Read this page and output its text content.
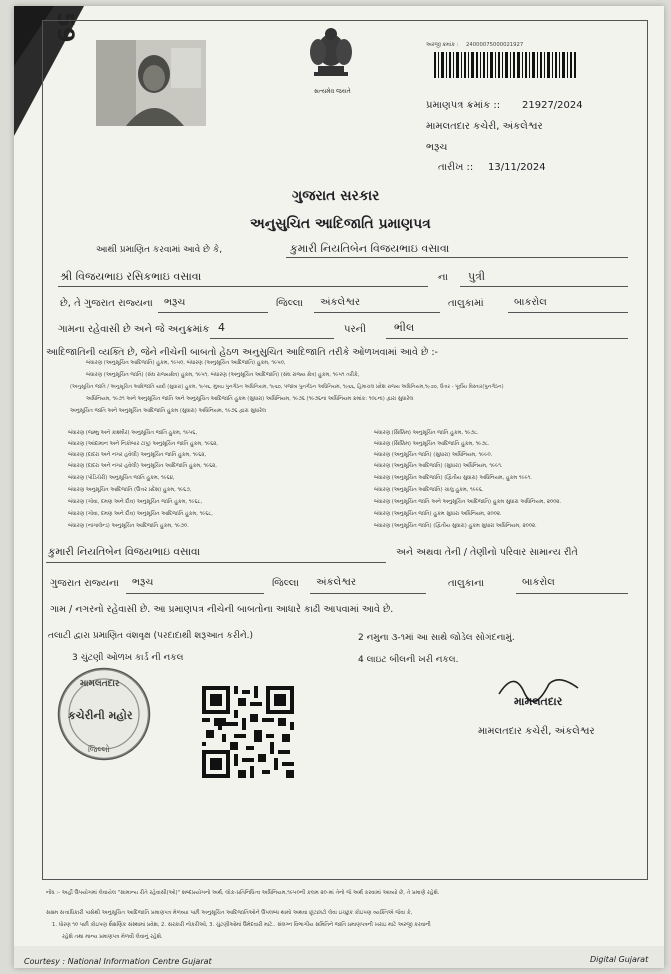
59
સત્યમેવ જયતે
અરજી ક્રમાંક : 24000075000021927
પ્રમાણપત્ર ક્રમાંક :: 21927/2024
મામલતદાર કચેરી, અંકલેશ્વર
ભરૂચ
તારીખ :: 13/11/2024
ગુજરાત સરકાર
અનુસુચિત આદિજાતિ પ્રમાણપત્ર
આથી પ્રમાણિત કરવામાં આવે છે કે,	કુમારી નિયતિબેન વિજયભાઇ વસાવા
શ્રી વિજયભાઇ રસિકભાઇ વસાવા	ના પુત્રી
છે, તે ગુજરાત રાજ્યના ભરૂચ	જિલ્લા અંકલેશ્વર	તાલુકામાં	બાકરોલ
ગામના રહેવાસી છે અને જે અનુક્રમાંક 4	પરની	ભીલ
આદિજાતિની વ્યક્તિ છે, જેને નીચેની બાબતો હેઠળ અનુસુચિત આદિજાતિ તરીકે ઓળખવામાં આવે છે :-
બંધારણ (અનુસૂચિત આદિજાતિ) હુકમ, ૧૯૫૦, બંધારણ (અનુસૂચિત આદિજાતિ) હુકમ, ૧૯૫૦,
બંધારણ (અનુસૂચિત જાતિ) (સંઘ રાજ્યક્ષેત્ર) હુકમ, ૧૯૫૧, બંધારણ (અનુસૂચિત આદિજાતિ) (સંઘ રાજ્ય ક્ષેત્ર) હુકમ, ૧૯૫૧ તરીકે,
(અનુસૂચિત જાતિ / અનુસૂચિત આદિજાતિ યાદી (સુધારા) હુકમ, ૧૯૫૬, મુંબઇ પુનર્ગઠન અધિનિયમ, ૧૯૬૦, પંજાબ પુનર્ગઠન અધિનિયમ, ૧૯૬૬, હિમાચલ પ્રદેશ રાજ્ય અધિનિયમ,૧૯૭૦, ઉત્તર - પૂર્વીય વિસ્તાર(પુનર્ગઠન)
અધિનિયમ, ૧૯૭૧ અને અનુસૂચિત જાતિ અને અનુસૂચિત આદિજાતિ હુકમ (સુધારા) અધિનિયમ, ૧૯૭૬ (૧૯૭૬ના અધિનિયમ ક્રમાંક: ૧૦૮ના) દ્વારા સુધારેલ
અનુસૂચિત જાતિ અને અનુસૂચિત આદિજાતિ હુકમ (સુધારા) અધિનિયમ, ૧૯૭૬ દ્વારા સુધારેલ
બંધારણ (જમ્મુ અને કાશ્મીર) અનુસૂચિત જાતિ હુકમ, ૧૯૫૬,
બંધારણ (આંદામાન અને નિકોબાર ટાપુ) અનુસૂચિત જાતિ હુકમ, ૧૯૬૨,
બંધારણ (દાદરા અને નગર હવેલી) અનુસૂચિત જાતિ હુકમ, ૧૯૬૨,
બંધારણ (દાદરા અને નગર હવેલી) અનુસૂચિત આદિજાતિ હુકમ, ૧૯૬૨,
બંધારણ (પોંડિચેરી) અનુસૂચિત જાતિ હુકમ, ૧૯૬૪,
બંધારણ અનુસૂચિત આદિજાતિ (ઉત્તર પ્રદેશ) હુકમ, ૧૯૬૭,
બંધારણ (ગોવા, દમણ અને દીવ) અનુસૂચિત જાતિ હુકમ, ૧૯૬૮,
બંધારણ (ગોવા, દમણ અને દીવ) અનુસૂચિત આદિજાતિ હુકમ, ૧૯૬૮,
બંધારણ (નાગાલેન્ડ) અનુસૂચિત આદિજાતિ હુકમ, ૧૯૭૦.
બંધારણ (સિક્કિમ) અનુસૂચિત જાતિ હુકમ, ૧૯૭૮.
બંધારણ (સિક્કિમ) અનુસૂચિત આદિજાતિ હુકમ, ૧૯૭૮.
બંધારણ (અનુસૂચિત જાતિ) (સુધારા) અધિનિયમ, ૧૯૯૦.
બંધારણ (અનુસૂચિત આદિજાતિ) (સુધારા) અધિનિયમ, ૧૯૯૧.
બંધારણ (અનુસૂચિત આદિજાતિ) (દ્વિતીય સુધારા) અધિનિયમ, હુકમ ૧૯૯૧.
બંધારણ (અનુસૂચિત આદિજાતિ) ચાલુ હુકમ, ૧૯૯૬.
બંધારણ (અનુસૂચિત જાતિ અને અનુસૂચિત આદિજાતિ) હુકમ સુધારા અધિનિયમ, ૨૦૦૨.
બંધારણ (અનુસૂચિત જાતિ) હુકમ સુધારા અધિનિયમ, ૨૦૦૨.
બંધારણ (અનુસૂચિત જાતિ) (દ્વિતીય સુધારા) હુકમ સુધારા અધિનિયમ, ૨૦૦૨.
કુમારી નિયતિબેન વિજયભાઇ વસાવા	અને અથવા તેની / તેણીનો પરિવાર સામાન્ય રીતે
ગુજરાત રાજ્યના ભરૂચ	જિલ્લા અંકલેશ્વર	તાલુકાના	બાકરોલ
ગામ / નગરનો રહેવાસી છે. આ પ્રમાણપત્ર નીચેની બાબતોના આધારે કાઢી આપવામાં આવે છે.
તલાટી દ્વારા પ્રમાણિત વંશવૃક્ષ (પરદાદાથી શરૂઆત કરીને.)	2 નમુના ૩-૧માં આ સાથે જોડેલ સોગંદનામું.
3 ચુંટણી ઓળખ કાર્ડ ની નકલ	4 લાઇટ બીલની ખરી નકલ.
મામલતદાર
કચેરીની મહોર
જિલ્લો
મામલતદાર
મામલતદાર કચેરી, અંકલેશ્વર
નોંધ :- અહીં ઉપયોગમાં લેવાયેલ "સામાન્ય રીતે રહેવાસી(ઓ)" શબ્દપ્રયોગનો અર્થ, લોક-પ્રતિનિધિત્વ અધિનિયમ,૧૯૫૦ની કલમ ૨૦-માં તેનો જે અર્થ કરવામાં આવ્યો છે, તે પ્રમાણે રહેશે.
સક્ષમ સત્તાધિકારી પાસેથી અનુસૂચિત આદિજાતિ પ્રમાણપત્ર મેળવ્યા પછી અનુસૂચિત આદિજાતિઓને ઉપલબ્ધ થામો અથવા છૂટછાટો લેવા ઇચ્છુક કોઇપણ વ્યક્તિએ જેવા કે,
1. ધોરણ ૧૦ પછી કોઇપણ શૈક્ષણિક સંસ્થામાં પ્રવેશ, 2. સરકારી નોકરીઓ, 3. ચુંટણીઓમાં ઉમેદવારી માટે.. સંલગ્ન વિભાગીય સમિતિને જાતિ પ્રમાણપત્રની ખરાઇ માટે અરજી કરવાની
રહેશે તથા માન્ય પ્રમાણપત્ર મેળવી લેવાનું રહેશે.
Courtesy : National Information Centre Gujarat	Digital Gujarat
